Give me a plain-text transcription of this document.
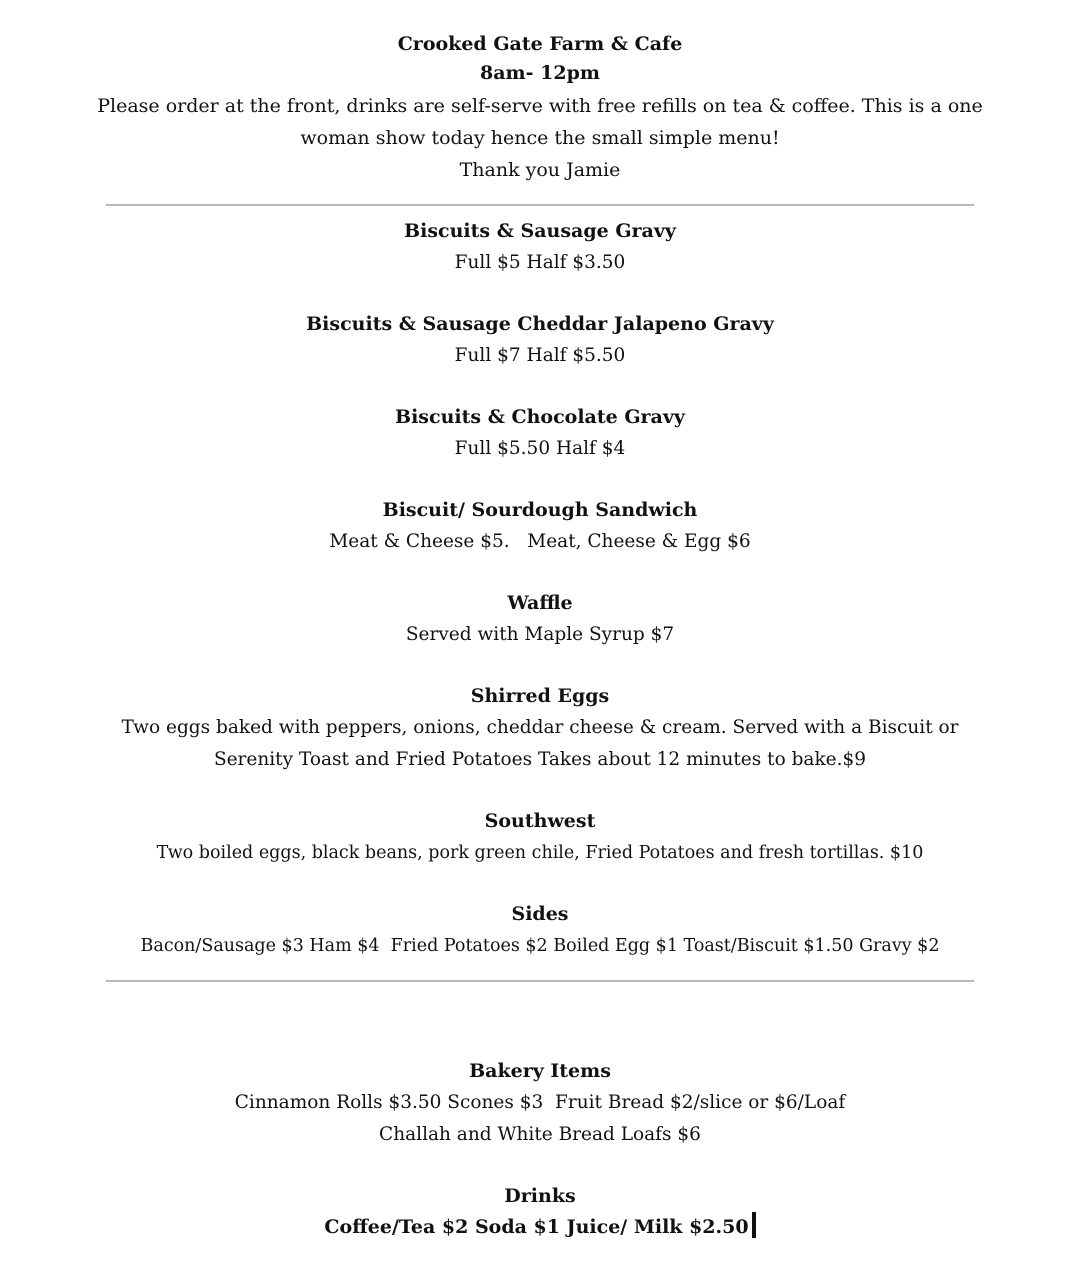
Crooked Gate Farm & Cafe
8am- 12pm
Please order at the front, drinks are self-serve with free refills on tea & coffee. This is a one woman show today hence the small simple menu!
Thank you Jamie
Biscuits & Sausage Gravy
Full $5 Half $3.50
Biscuits & Sausage Cheddar Jalapeno Gravy
Full $7 Half $5.50
Biscuits & Chocolate Gravy
Full $5.50 Half $4
Biscuit/ Sourdough Sandwich
Meat & Cheese $5.   Meat, Cheese & Egg $6
Waffle
Served with Maple Syrup $7
Shirred Eggs
Two eggs baked with peppers, onions, cheddar cheese & cream. Served with a Biscuit or Serenity Toast and Fried Potatoes Takes about 12 minutes to bake.$9
Southwest
Two boiled eggs, black beans, pork green chile, Fried Potatoes and fresh tortillas. $10
Sides
Bacon/Sausage $3 Ham $4  Fried Potatoes $2 Boiled Egg $1 Toast/Biscuit $1.50 Gravy $2
Bakery Items
Cinnamon Rolls $3.50 Scones $3  Fruit Bread $2/slice or $6/Loaf
Challah and White Bread Loafs $6
Drinks
Coffee/Tea $2 Soda $1 Juice/ Milk $2.50
